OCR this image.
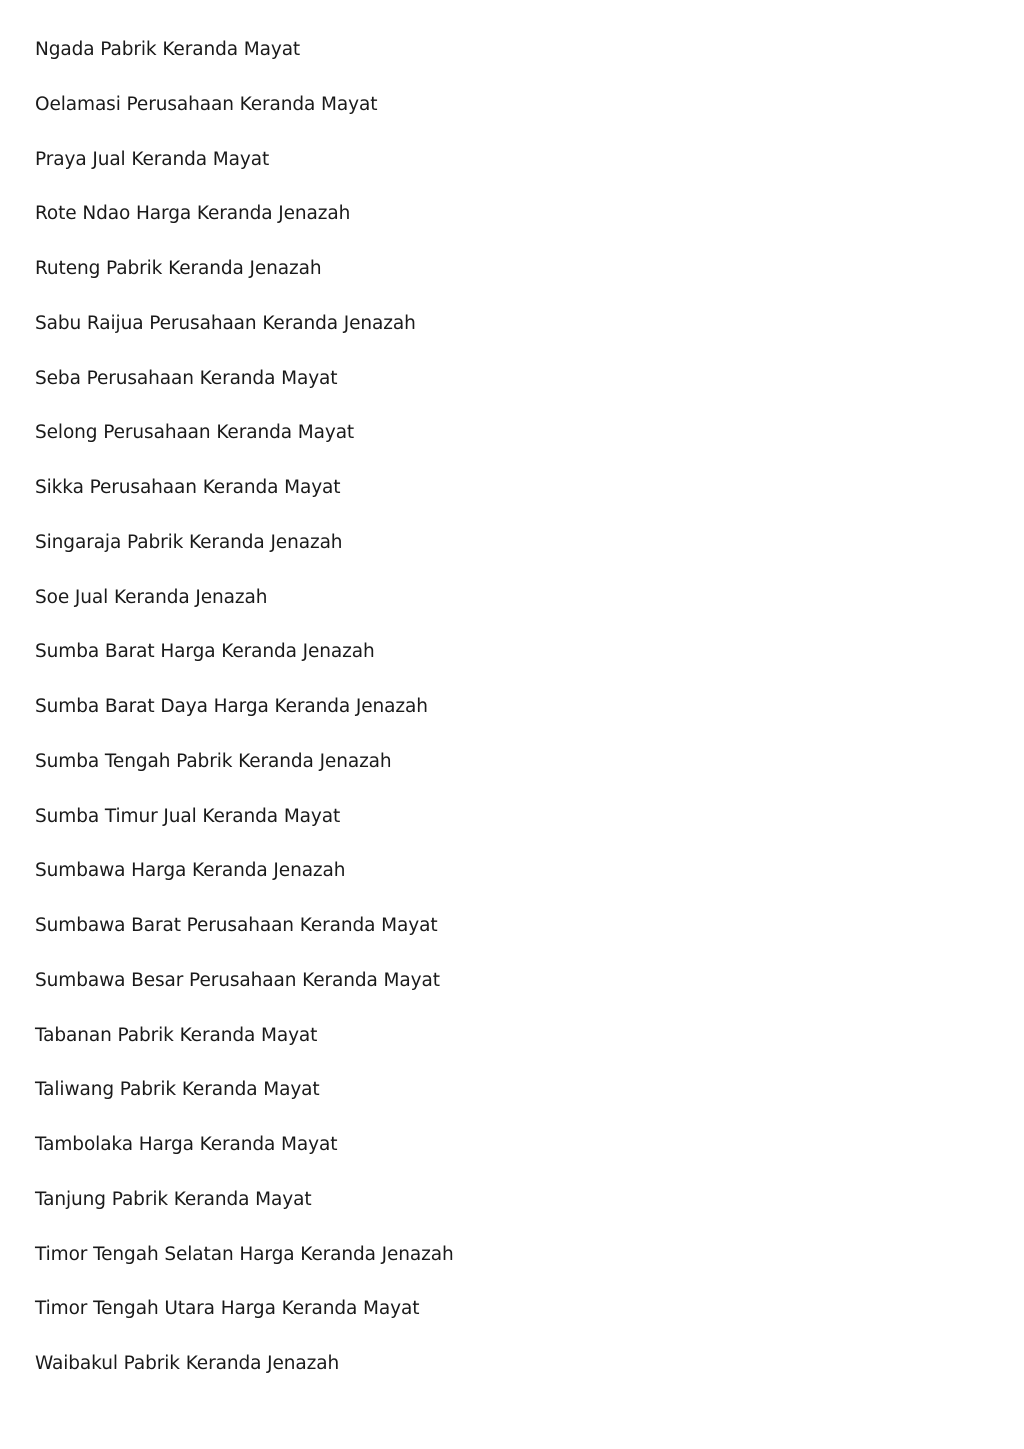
Ngada Pabrik Keranda Mayat
Oelamasi Perusahaan Keranda Mayat
Praya Jual Keranda Mayat
Rote Ndao Harga Keranda Jenazah
Ruteng Pabrik Keranda Jenazah
Sabu Raijua Perusahaan Keranda Jenazah
Seba Perusahaan Keranda Mayat
Selong Perusahaan Keranda Mayat
Sikka Perusahaan Keranda Mayat
Singaraja Pabrik Keranda Jenazah
Soe Jual Keranda Jenazah
Sumba Barat Harga Keranda Jenazah
Sumba Barat Daya Harga Keranda Jenazah
Sumba Tengah Pabrik Keranda Jenazah
Sumba Timur Jual Keranda Mayat
Sumbawa Harga Keranda Jenazah
Sumbawa Barat Perusahaan Keranda Mayat
Sumbawa Besar Perusahaan Keranda Mayat
Tabanan Pabrik Keranda Mayat
Taliwang Pabrik Keranda Mayat
Tambolaka Harga Keranda Mayat
Tanjung Pabrik Keranda Mayat
Timor Tengah Selatan Harga Keranda Jenazah
Timor Tengah Utara Harga Keranda Mayat
Waibakul Pabrik Keranda Jenazah
